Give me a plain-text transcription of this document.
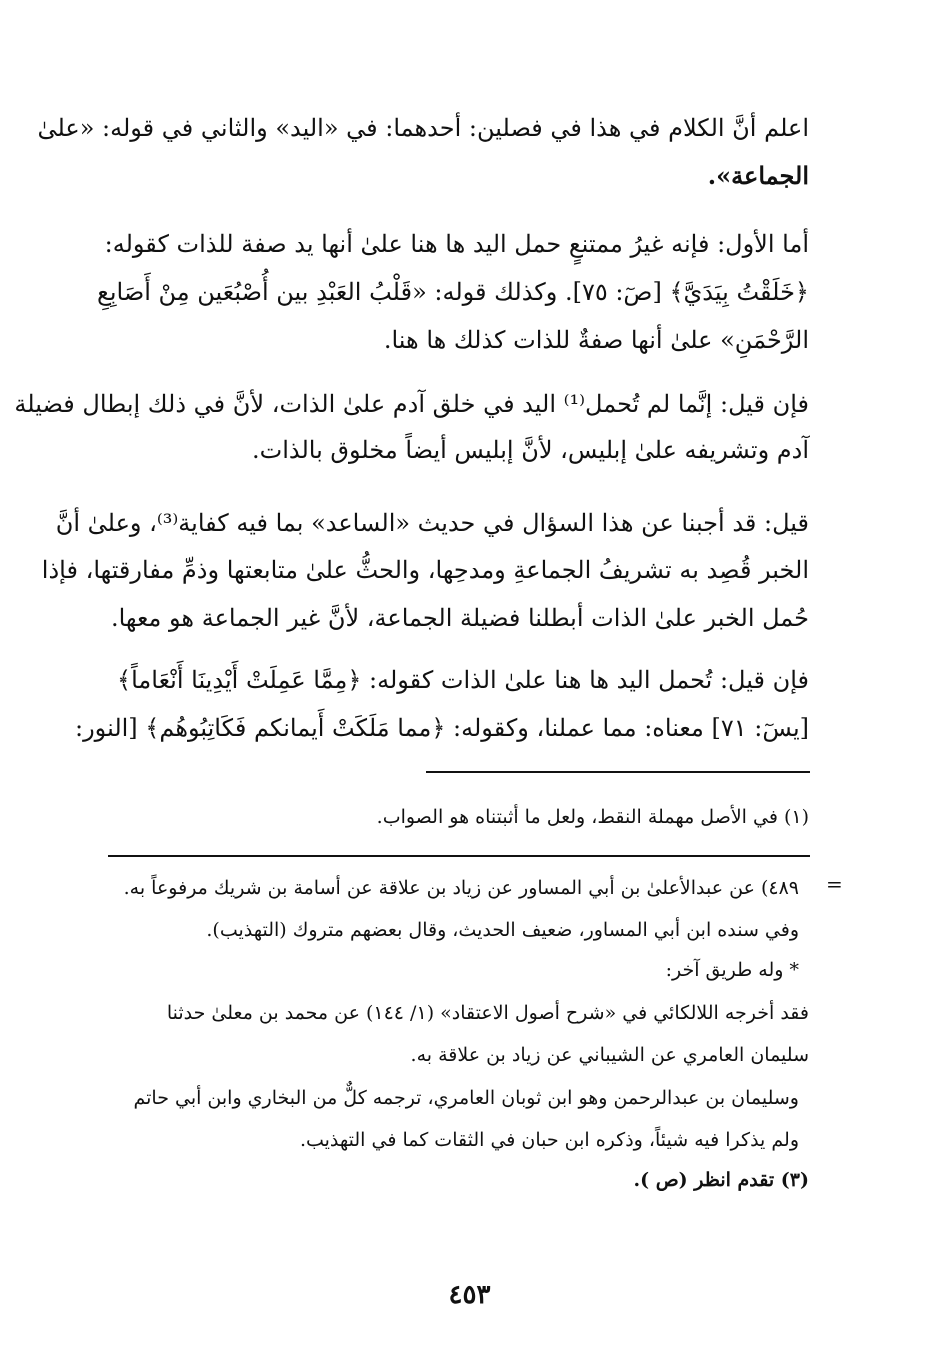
اعلم أنَّ الكلام في هذا في فصلين: أحدهما: في «اليد» والثاني في قوله: «علىٰ
الجماعة».
أما الأول: فإنه غيرُ ممتنعٍ حمل اليد ها هنا علىٰ أنها يد صفة للذات كقوله:
﴿خَلَقْتُ بِيَدَيَّ﴾ [صٓ: ٧٥]. وكذلك قوله: «قَلْبُ العَبْدِ بين أُصْبُعَين مِنْ أَصَابِعِ
الرَّحْمَنِ» علىٰ أنها صفةٌ للذات كذلك ها هنا.
فإن قيل: إنَّما لم تُحمل⁽¹⁾ اليد في خلق آدم علىٰ الذات، لأنَّ في ذلك إبطال فضيلة
آدم وتشريفه علىٰ إبليس، لأنَّ إبليس أيضاً مخلوق بالذات.
قيل: قد أجبنا عن هذا السؤال في حديث «الساعد» بما فيه كفاية⁽³⁾، وعلىٰ أنَّ
الخبر قُصِد به تشريفُ الجماعةِ ومدحِها، والحثُّ علىٰ متابعتها وذمِّ مفارقتها، فإذا
حُمل الخبر علىٰ الذات أبطلنا فضيلة الجماعة، لأنَّ غير الجماعة هو معها.
فإن قيل: تُحمل اليد ها هنا علىٰ الذات كقوله: ﴿مِمَّا عَمِلَتْ أَيْدِينَا أَنْعَاماً﴾
[يسٓ: ٧١] معناه: مما عملنا، وكقوله: ﴿مما مَلَكَتْ أَيمانكم فَكَاتِبُوهُم﴾ [النور:
(١) في الأصل مهملة النقط، ولعل ما أثبتناه هو الصواب.
=
٤٨٩) عن عبدالأعلىٰ بن أبي المساور عن زياد بن علاقة عن أسامة بن شريك مرفوعاً به.
وفي سنده ابن أبي المساور، ضعيف الحديث، وقال بعضهم متروك (التهذيب).
* وله طريق آخر:
فقد أخرجه اللالكائي في «شرح أصول الاعتقاد» (١/ ١٤٤) عن محمد بن معلىٰ حدثنا
سليمان العامري عن الشيباني عن زياد بن علاقة به.
وسليمان بن عبدالرحمن وهو ابن ثوبان العامري، ترجمه كلٌّ من البخاري وابن أبي حاتم
ولم يذكرا فيه شيئاً، وذكره ابن حبان في الثقات كما في التهذيب.
(٣) تقدم انظر (ص ).
٤٥٣
